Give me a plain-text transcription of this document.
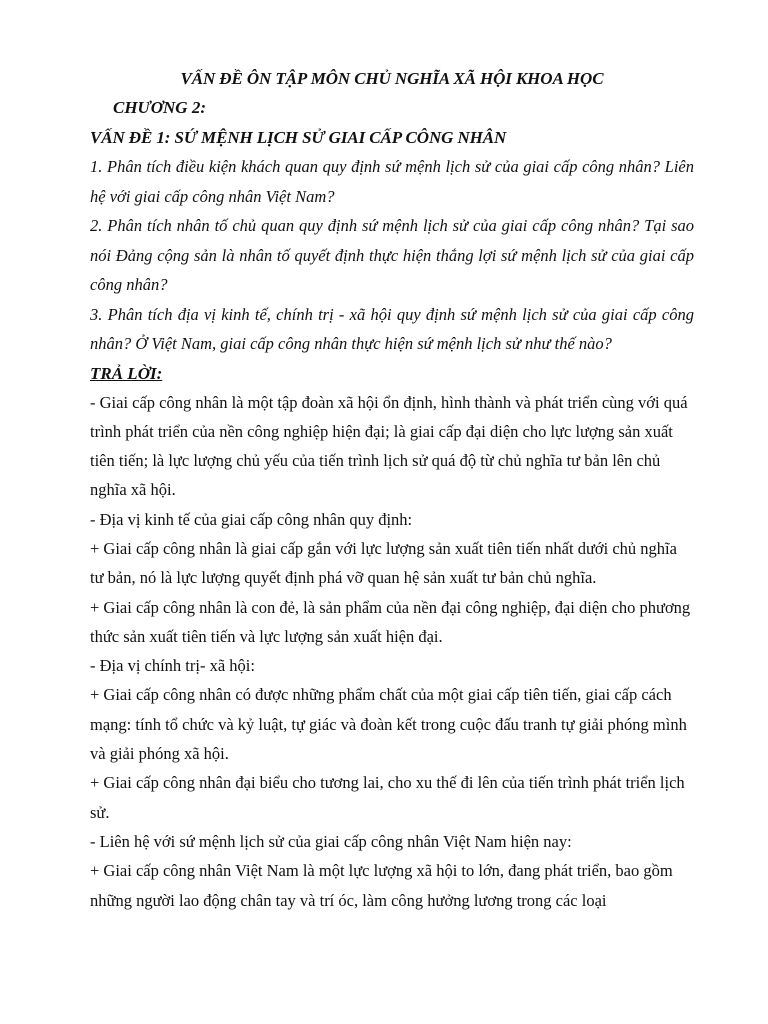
VẤN ĐỀ ÔN TẬP MÔN CHỦ NGHĨA XÃ HỘI KHOA HỌC

CHƯƠNG 2:

VẤN ĐỀ 1: SỨ MỆNH LỊCH SỬ GIAI CẤP CÔNG NHÂN

1. Phân tích điều kiện khách quan quy định sứ mệnh lịch sử của giai cấp công nhân? Liên hệ với giai cấp công nhân Việt Nam?

2. Phân tích nhân tố chủ quan quy định sứ mệnh lịch sử của giai cấp công nhân? Tại sao nói Đảng cộng sản là nhân tố quyết định thực hiện thắng lợi sứ mệnh lịch sử của giai cấp công nhân?

3. Phân tích địa vị kinh tế, chính trị - xã hội quy định sứ mệnh lịch sử của giai cấp công nhân? Ở Việt Nam, giai cấp công nhân thực hiện sứ mệnh lịch sử như thế nào?

TRẢ LỜI:

- Giai cấp công nhân là một tập đoàn xã hội ổn định, hình thành và phát triển cùng với quá trình phát triển của nền công nghiệp hiện đại; là giai cấp đại diện cho lực lượng sản xuất tiên tiến; là lực lượng chủ yếu của tiến trình lịch sử quá độ từ chủ nghĩa tư bản lên chủ nghĩa xã hội.

- Địa vị kinh tế của giai cấp công nhân quy định:

+ Giai cấp công nhân là giai cấp gắn với lực lượng sản xuất tiên tiến nhất dưới chủ nghĩa tư bản, nó là lực lượng quyết định phá vỡ quan hệ sản xuất tư bản chủ nghĩa.

+ Giai cấp công nhân là con đẻ, là sản phẩm của nền đại công nghiệp, đại diện cho phương thức sản xuất tiên tiến và lực lượng sản xuất hiện đại.

- Địa vị chính trị- xã hội:

+ Giai cấp công nhân có được những phẩm chất của một giai cấp tiên tiến, giai cấp cách mạng: tính tổ chức và kỷ luật, tự giác và đoàn kết trong cuộc đấu tranh tự giải phóng mình và giải phóng xã hội.

+ Giai cấp công nhân đại biểu cho tương lai, cho xu thế đi lên của tiến trình phát triển lịch sử.

- Liên hệ với sứ mệnh lịch sử của giai cấp công nhân Việt Nam hiện nay:

+ Giai cấp công nhân Việt Nam là một lực lượng xã hội to lớn, đang phát triển, bao gồm những người lao động chân tay và trí óc, làm công hưởng lương trong các loại
